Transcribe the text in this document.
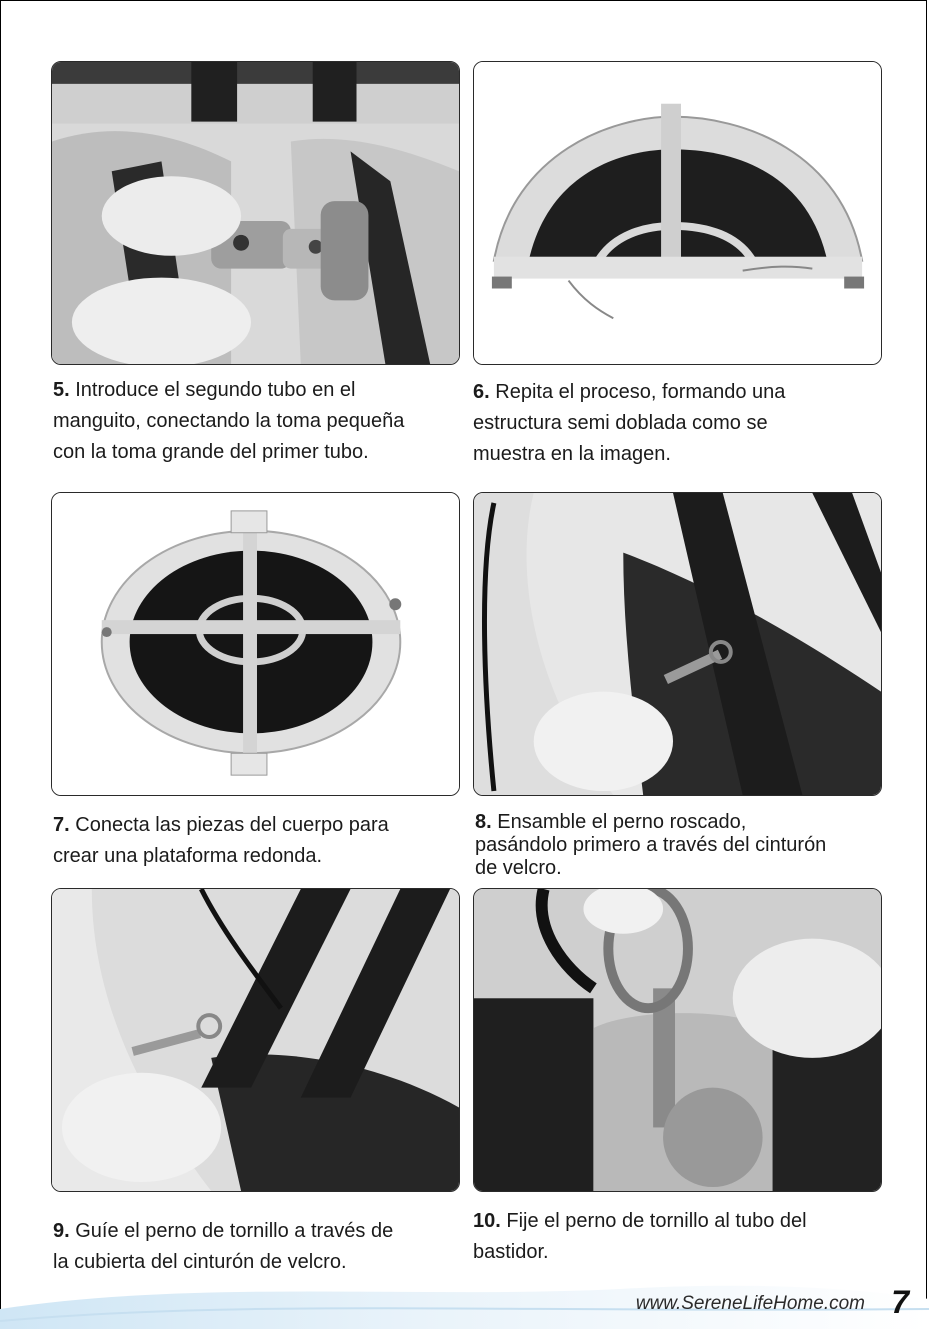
5. Introduce el segundo tubo en el
manguito, conectando la toma pequeña
con la toma grande del primer tubo.
6. Repita el proceso, formando una
estructura semi doblada como se
muestra en la imagen.
7. Conecta las piezas del cuerpo para
crear una plataforma redonda.
8. Ensamble el perno roscado,
pasándolo primero a través del cinturón
de velcro.
9. Guíe el perno de tornillo a través de
la cubierta del cinturón de velcro.
10. Fije el perno de tornillo al tubo del
bastidor.
www.SereneLifeHome.com 7
